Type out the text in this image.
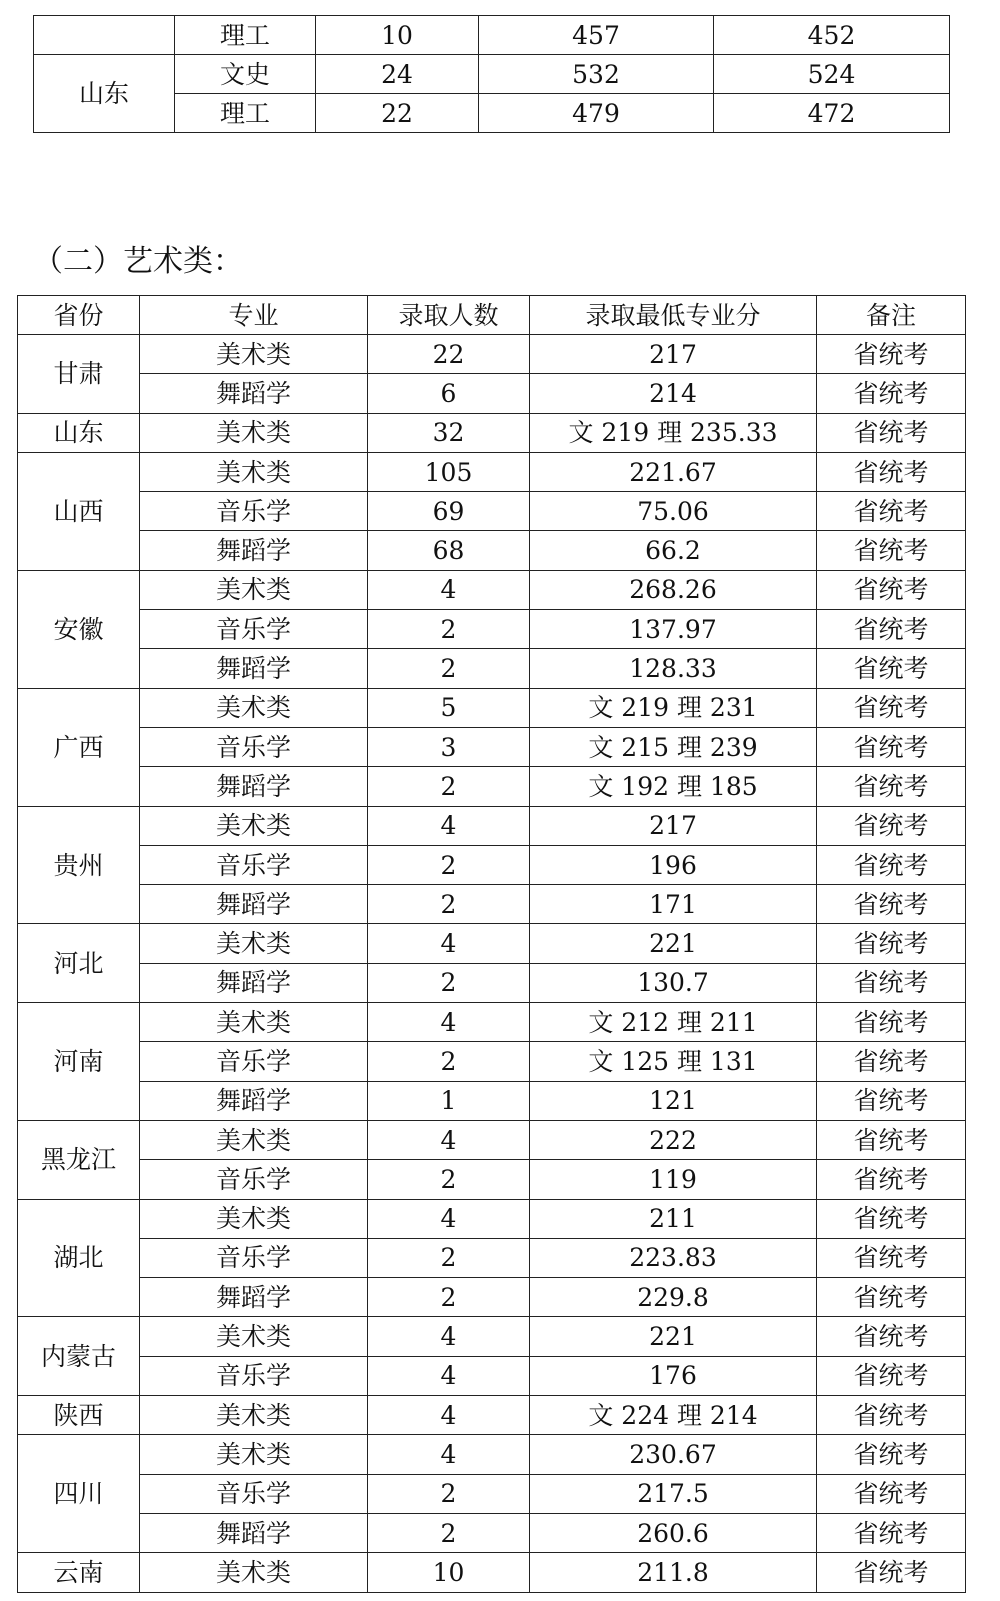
	理工	10	457	452
山东	文史	24	532	524
	理工	22	479	472
（二）艺术类：
省份	专业	录取人数	录取最低专业分	备注
甘肃	美术类	22	217	省统考
	舞蹈学	6	214	省统考
山东	美术类	32	文 219 理 235.33	省统考
山西	美术类	105	221.67	省统考
	音乐学	69	75.06	省统考
	舞蹈学	68	66.2	省统考
安徽	美术类	4	268.26	省统考
	音乐学	2	137.97	省统考
	舞蹈学	2	128.33	省统考
广西	美术类	5	文 219 理 231	省统考
	音乐学	3	文 215 理 239	省统考
	舞蹈学	2	文 192 理 185	省统考
贵州	美术类	4	217	省统考
	音乐学	2	196	省统考
	舞蹈学	2	171	省统考
河北	美术类	4	221	省统考
	舞蹈学	2	130.7	省统考
河南	美术类	4	文 212 理 211	省统考
	音乐学	2	文 125 理 131	省统考
	舞蹈学	1	121	省统考
黑龙江	美术类	4	222	省统考
	音乐学	2	119	省统考
湖北	美术类	4	211	省统考
	音乐学	2	223.83	省统考
	舞蹈学	2	229.8	省统考
内蒙古	美术类	4	221	省统考
	音乐学	4	176	省统考
陕西	美术类	4	文 224 理 214	省统考
四川	美术类	4	230.67	省统考
	音乐学	2	217.5	省统考
	舞蹈学	2	260.6	省统考
云南	美术类	10	211.8	省统考
